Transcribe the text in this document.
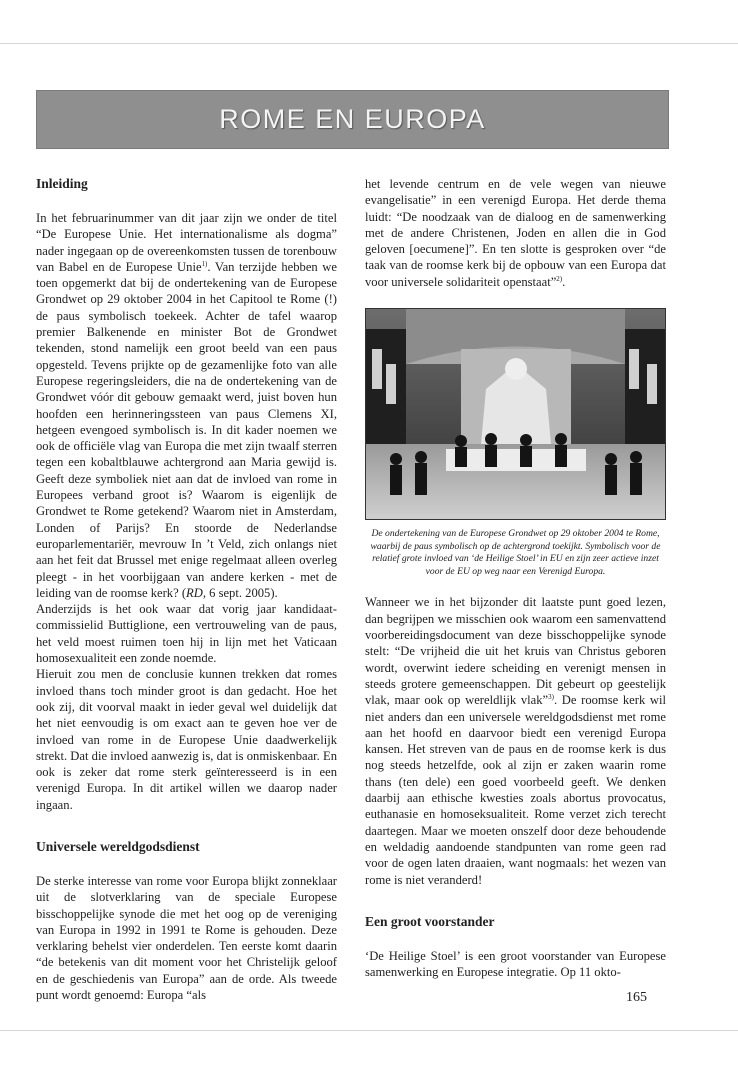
ROME EN EUROPA

Inleiding

In het februarinummer van dit jaar zijn we onder de titel “De Europese Unie. Het internationalisme als dogma” nader ingegaan op de overeenkomsten tussen de torenbouw van Babel en de Europese Unie$^{1)}$. Van terzijde hebben we toen opgemerkt dat bij de ondertekening van de Europese Grondwet op 29 oktober 2004 in het Capitool te Rome (!) de paus symbolisch toekeek. Achter de tafel waarop premier Balkenende en minister Bot de Grondwet tekenden, stond namelijk een groot beeld van een paus opgesteld. Tevens prijkte op de gezamenlijke foto van alle Europese regeringsleiders, die na de ondertekening van de Grondwet vóór dit gebouw gemaakt werd, juist boven hun hoofden een herinneringssteen van paus Clemens XI, hetgeen evengoed symbolisch is. In dit kader noemen we ook de officiële vlag van Europa die met zijn twaalf sterren tegen een kobaltblauwe achtergrond aan Maria gewijd is. Geeft deze symboliek niet aan dat de invloed van rome in Europees verband groot is? Waarom is eigenlijk de Grondwet te Rome getekend? Waarom niet in Amsterdam, Londen of Parijs? En stoorde de Nederlandse europarlementariër, mevrouw In ’t Veld, zich onlangs niet aan het feit dat Brussel met enige regelmaat alleen overleg pleegt - in het voorbijgaan van andere kerken - met de leiding van de roomse kerk? (RD, 6 sept. 2005).

Anderzijds is het ook waar dat vorig jaar kandidaat-commissielid Buttiglione, een vertrouweling van de paus, het veld moest ruimen toen hij in lijn met het Vaticaan homosexualiteit een zonde noemde.

Hieruit zou men de conclusie kunnen trekken dat romes invloed thans toch minder groot is dan gedacht. Hoe het ook zij, dit voorval maakt in ieder geval wel duidelijk dat het niet eenvoudig is om exact aan te geven hoe ver de invloed van rome in de Europese Unie daadwerkelijk strekt. Dat die invloed aanwezig is, dat is onmiskenbaar. En ook is zeker dat rome sterk geïnteresseerd is in een verenigd Europa. In dit artikel willen we daarop nader ingaan.

Universele wereldgodsdienst

De sterke interesse van rome voor Europa blijkt zonneklaar uit de slotverklaring van de speciale Europese bisschoppelijke synode die met het oog op de vereniging van Europa in 1992 in 1991 te Rome is gehouden. Deze verklaring behelst vier onderdelen. Ten eerste komt daarin “de betekenis van dit moment voor het Christelijk geloof en de geschiedenis van Europa” aan de orde. Als tweede punt wordt genoemd: Europa “als

het levende centrum en de vele wegen van nieuwe evangelisatie” in een verenigd Europa. Het derde thema luidt: “De noodzaak van de dialoog en de samenwerking met de andere Christenen, Joden en allen die in God geloven [oecumene]”. En ten slotte is gesproken over “de taak van de roomse kerk bij de opbouw van een Europa dat voor universele solidariteit openstaat”$^{2)}$.

De ondertekening van de Europese Grondwet op 29 oktober 2004 te Rome, waarbij de paus symbolisch op de achtergrond toekijkt. Symbolisch voor de relatief grote invloed van ‘de Heilige Stoel’ in EU en zijn zeer actieve inzet voor de EU op weg naar een Verenigd Europa.

Wanneer we in het bijzonder dit laatste punt goed lezen, dan begrijpen we misschien ook waarom een samenvattend voorbereidingsdocument van deze bisschoppelijke synode stelt: “De vrijheid die uit het kruis van Christus geboren wordt, overwint iedere scheiding en verenigt mensen in steeds grotere gemeenschappen. Dit gebeurt op geestelijk vlak, maar ook op wereldlijk vlak”$^{3)}$. De roomse kerk wil niet anders dan een universele wereldgodsdienst met rome aan het hoofd en daarvoor biedt een verenigd Europa kansen. Het streven van de paus en de roomse kerk is dus nog steeds hetzelfde, ook al zijn er zaken waarin rome thans (ten dele) een goed voorbeeld geeft. We denken daarbij aan ethische kwesties zoals abortus provocatus, euthanasie en homoseksualiteit. Rome verzet zich terecht daartegen. Maar we moeten onszelf door deze behoudende en weldadig aandoende standpunten van rome geen rad voor de ogen laten draaien, want nogmaals: het wezen van rome is niet veranderd!

Een groot voorstander

‘De Heilige Stoel’ is een groot voorstander van Europese samenwerking en Europese integratie. Op 11 okto-

165
